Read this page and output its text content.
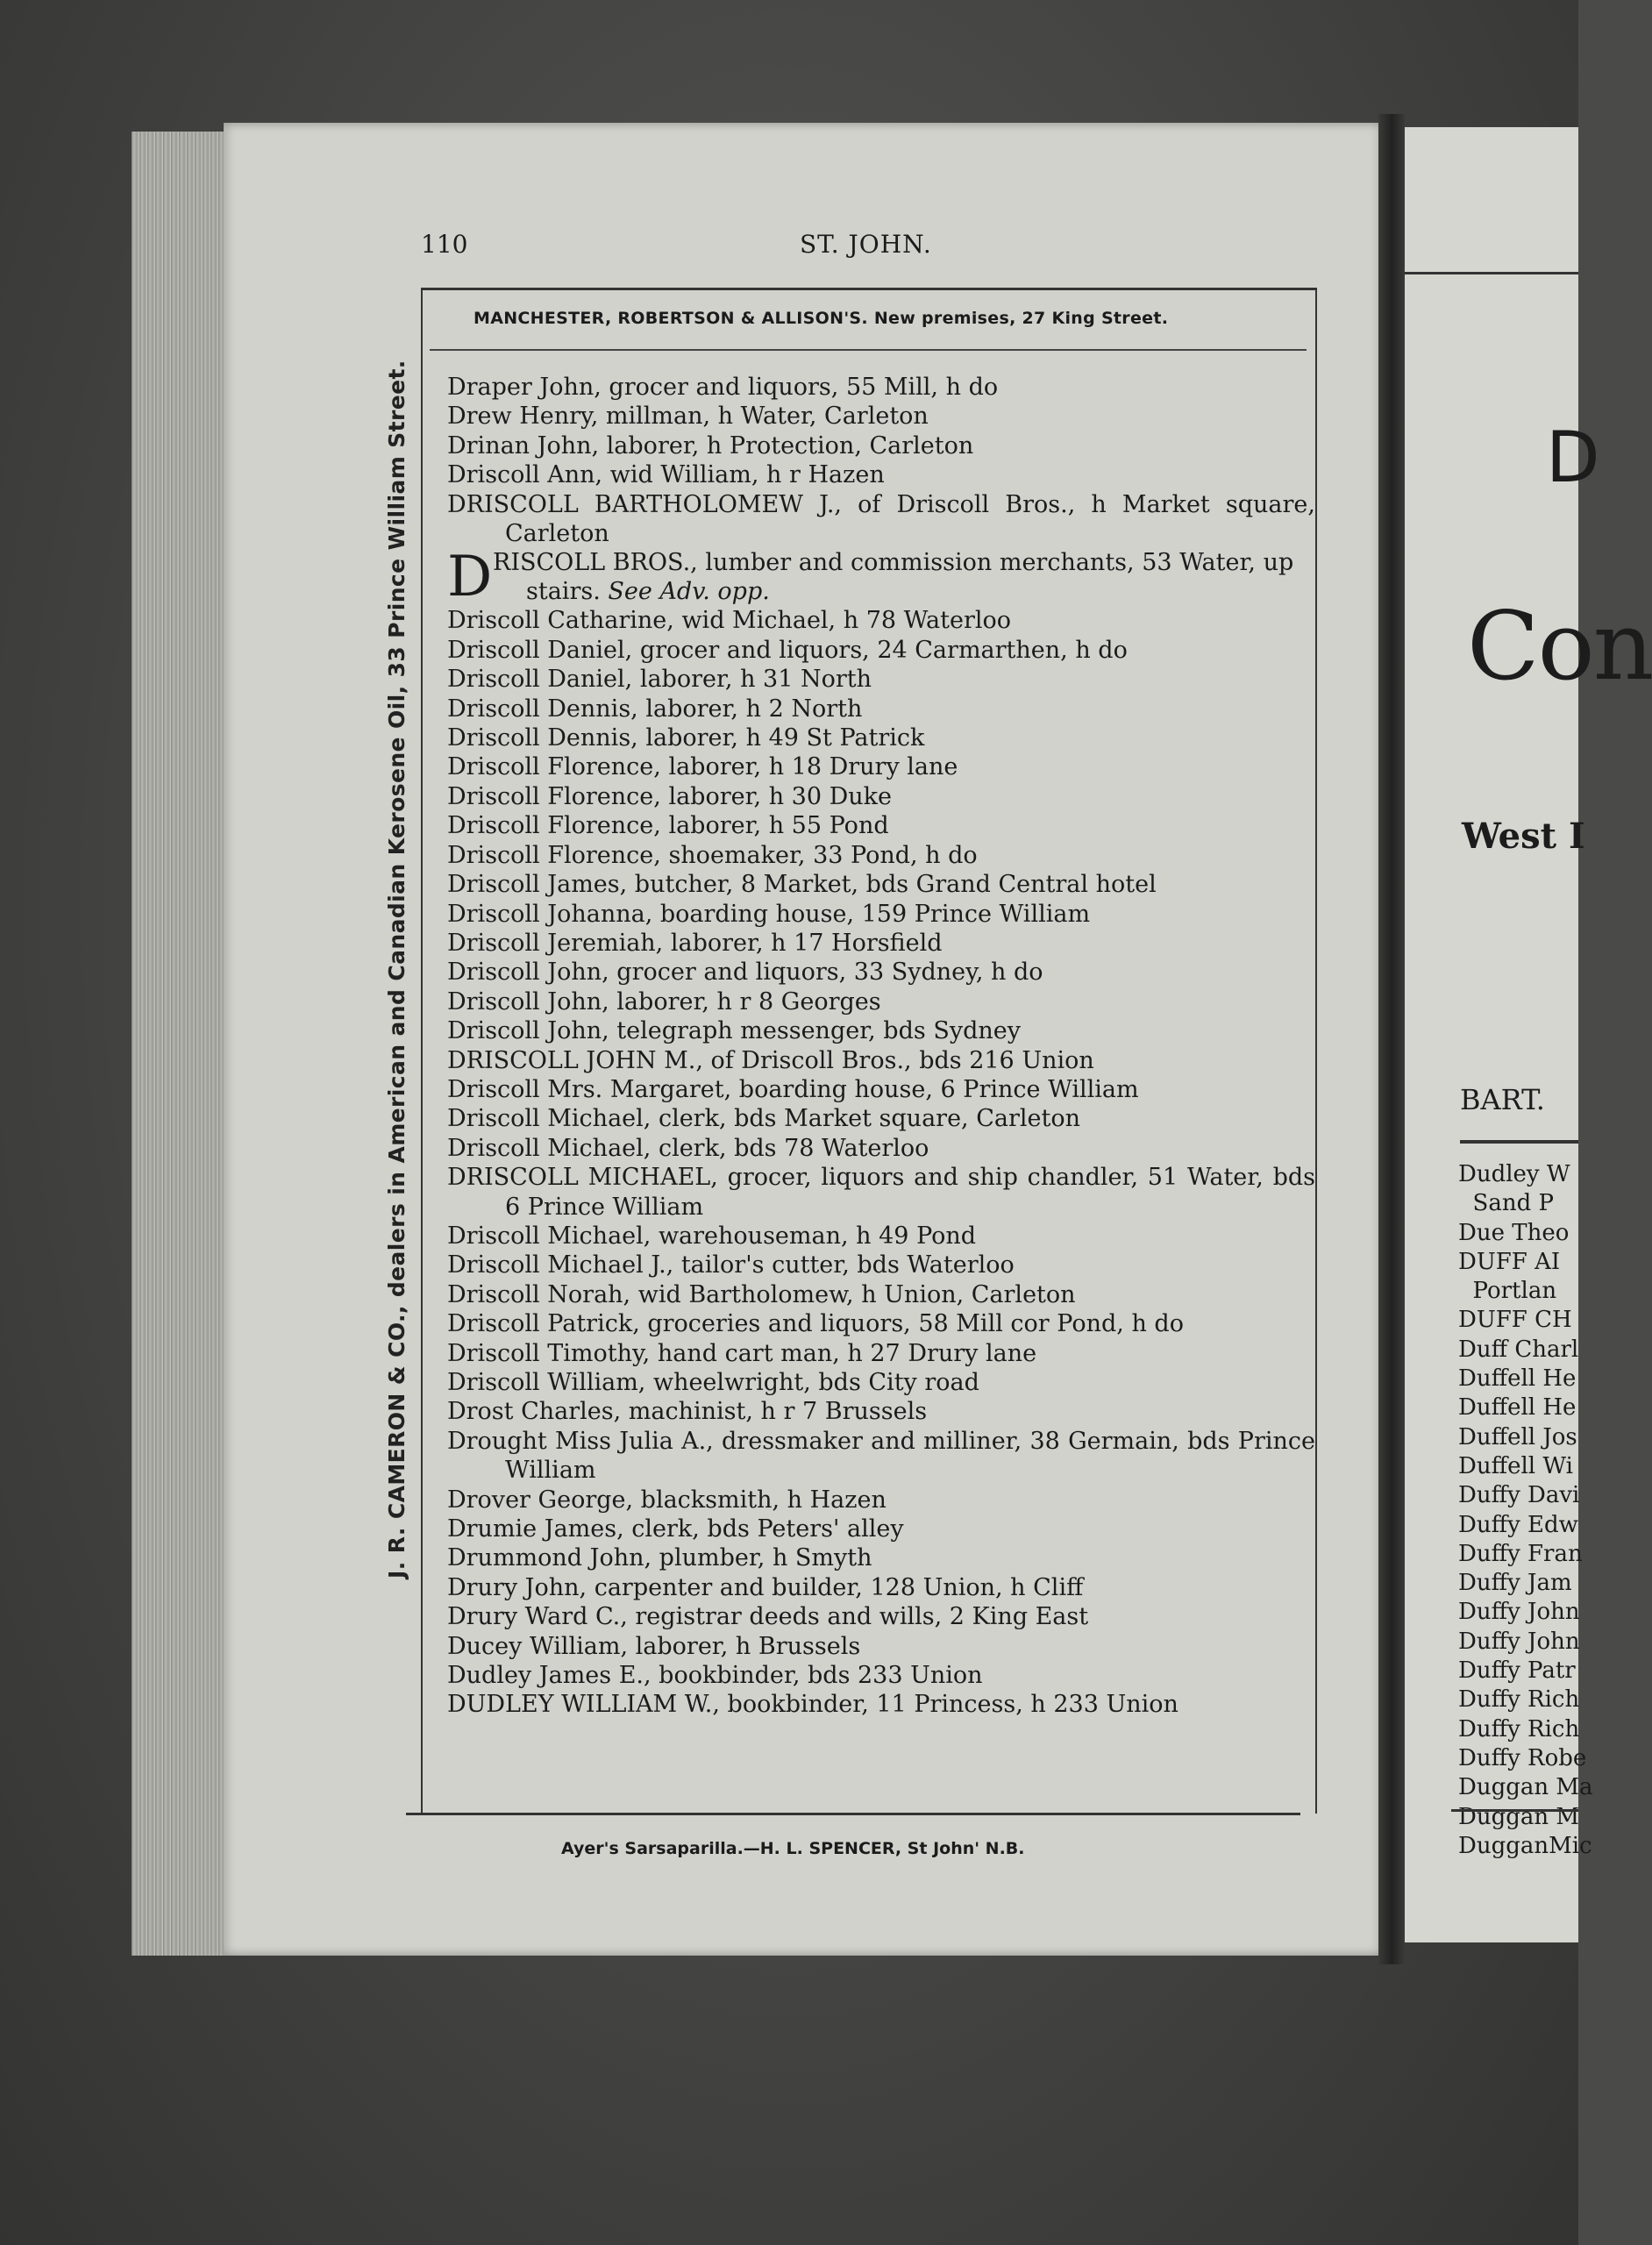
D
Con
West I
BART.
Dudley W
Sand P
Due Theo
DUFF AI
Portlan
DUFF CH
Duff Charl
Duffell He
Duffell He
Duffell Jos
Duffell Wi
Duffy Davi
Duffy Edw
Duffy Fran
Duffy Jam
Duffy John
Duffy John
Duffy Patr
Duffy Rich
Duffy Rich
Duffy Robe
Duggan Ma
Duggan M
DugganMic
J. R. CAMERON & CO., dealers in American and Canadian Kerosene Oil, 33 Prince William Street.
110	ST. JOHN.
MANCHESTER, ROBERTSON & ALLISON'S. New premises, 27 King Street.
Draper John, grocer and liquors, 55 Mill, h do
Drew Henry, millman, h Water, Carleton
Drinan John, laborer, h Protection, Carleton
Driscoll Ann, wid William, h r Hazen
DRISCOLL BARTHOLOMEW J., of Driscoll Bros., h Market square, Carleton
D RISCOLL BROS., lumber and commission merchants, 53 Water, up
stairs. See Adv. opp.
Driscoll Catharine, wid Michael, h 78 Waterloo
Driscoll Daniel, grocer and liquors, 24 Carmarthen, h do
Driscoll Daniel, laborer, h 31 North
Driscoll Dennis, laborer, h 2 North
Driscoll Dennis, laborer, h 49 St Patrick
Driscoll Florence, laborer, h 18 Drury lane
Driscoll Florence, laborer, h 30 Duke
Driscoll Florence, laborer, h 55 Pond
Driscoll Florence, shoemaker, 33 Pond, h do
Driscoll James, butcher, 8 Market, bds Grand Central hotel
Driscoll Johanna, boarding house, 159 Prince William
Driscoll Jeremiah, laborer, h 17 Horsfield
Driscoll John, grocer and liquors, 33 Sydney, h do
Driscoll John, laborer, h r 8 Georges
Driscoll John, telegraph messenger, bds Sydney
DRISCOLL JOHN M., of Driscoll Bros., bds 216 Union
Driscoll Mrs. Margaret, boarding house, 6 Prince William
Driscoll Michael, clerk, bds Market square, Carleton
Driscoll Michael, clerk, bds 78 Waterloo
DRISCOLL MICHAEL, grocer, liquors and ship chandler, 51 Water, bds 6 Prince William
Driscoll Michael, warehouseman, h 49 Pond
Driscoll Michael J., tailor's cutter, bds Waterloo
Driscoll Norah, wid Bartholomew, h Union, Carleton
Driscoll Patrick, groceries and liquors, 58 Mill cor Pond, h do
Driscoll Timothy, hand cart man, h 27 Drury lane
Driscoll William, wheelwright, bds City road
Drost Charles, machinist, h r 7 Brussels
Drought Miss Julia A., dressmaker and milliner, 38 Germain, bds Prince William
Drover George, blacksmith, h Hazen
Drumie James, clerk, bds Peters' alley
Drummond John, plumber, h Smyth
Drury John, carpenter and builder, 128 Union, h Cliff
Drury Ward C., registrar deeds and wills, 2 King East
Ducey William, laborer, h Brussels
Dudley James E., bookbinder, bds 233 Union
DUDLEY WILLIAM W., bookbinder, 11 Princess, h 233 Union
Ayer's Sarsaparilla.—H. L. SPENCER, St John' N.B.
